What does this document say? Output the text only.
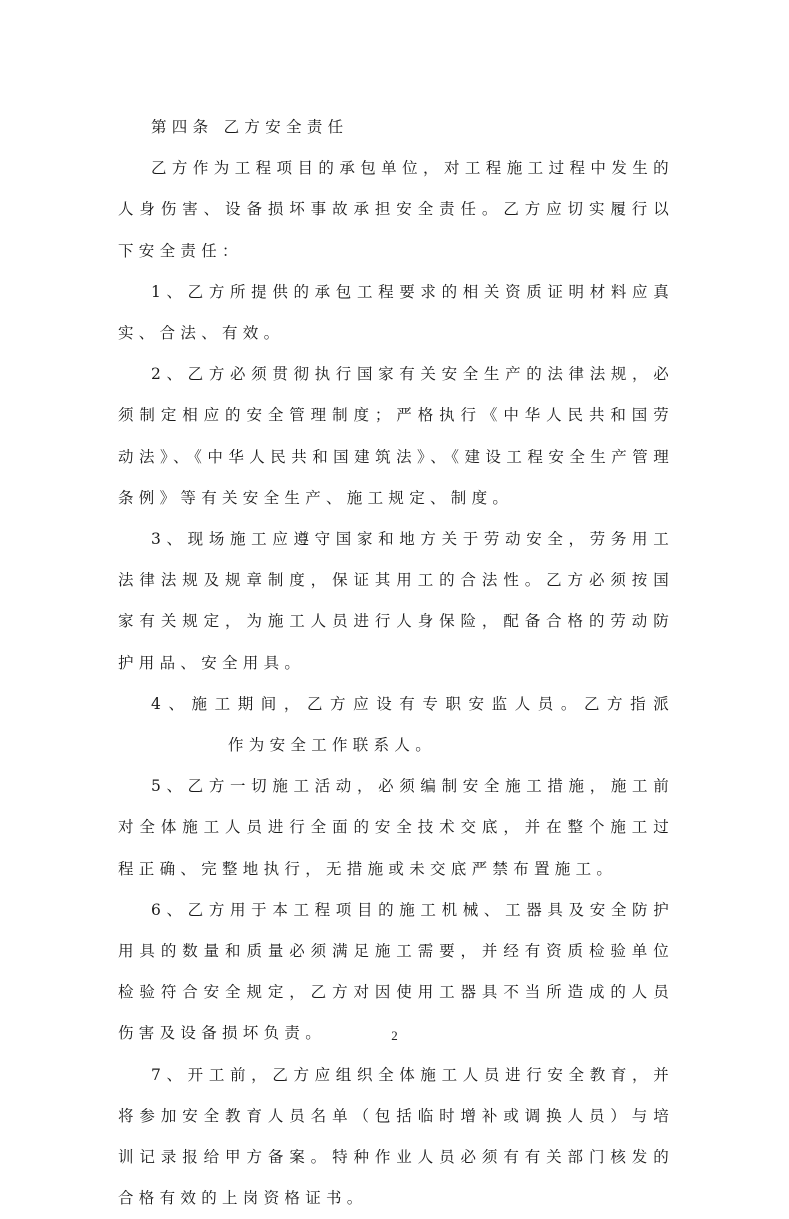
第四条 乙方安全责任

乙方作为工程项目的承包单位，对工程施工过程中发生的人身伤害、设备损坏事故承担安全责任。乙方应切实履行以下安全责任：

1、乙方所提供的承包工程要求的相关资质证明材料应真实、合法、有效。

2、乙方必须贯彻执行国家有关安全生产的法律法规，必须制定相应的安全管理制度；严格执行《中华人民共和国劳动法》、《中华人民共和国建筑法》、《建设工程安全生产管理条例》等有关安全生产、施工规定、制度。

3、现场施工应遵守国家和地方关于劳动安全，劳务用工法律法规及规章制度，保证其用工的合法性。乙方必须按国家有关规定，为施工人员进行人身保险，配备合格的劳动防护用品、安全用具。

4、施工期间，乙方应设有专职安监人员。乙方指派作为安全工作联系人。

5、乙方一切施工活动，必须编制安全施工措施，施工前对全体施工人员进行全面的安全技术交底，并在整个施工过程正确、完整地执行，无措施或未交底严禁布置施工。

6、乙方用于本工程项目的施工机械、工器具及安全防护用具的数量和质量必须满足施工需要，并经有资质检验单位检验符合安全规定，乙方对因使用工器具不当所造成的人员伤害及设备损坏负责。

7、开工前，乙方应组织全体施工人员进行安全教育，并将参加安全教育人员名单（包括临时增补或调换人员）与培训记录报给甲方备案。特种作业人员必须有有关部门核发的合格有效的上岗资格证书。

2
